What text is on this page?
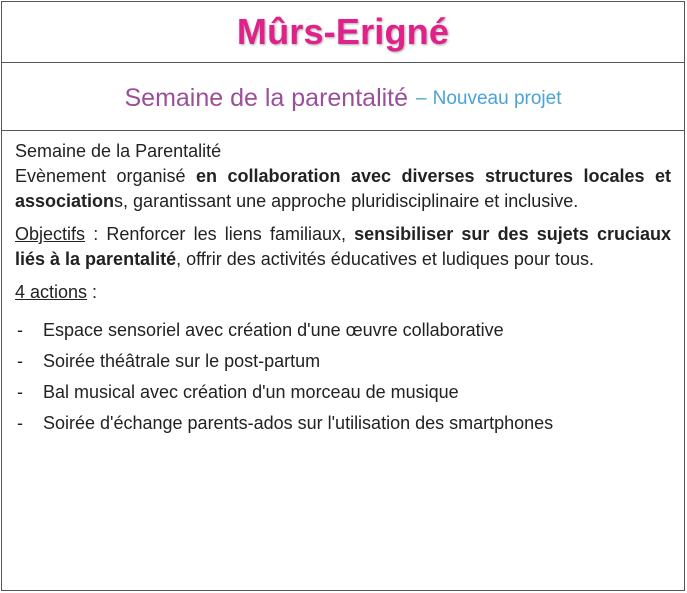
Mûrs-Erigné
Semaine de la parentalité – Nouveau projet

Semaine de la Parentalité

Evènement organisé en collaboration avec diverses structures locales et associations, garantissant une approche pluridisciplinaire et inclusive.

Objectifs : Renforcer les liens familiaux, sensibiliser sur des sujets cruciaux liés à la parentalité, offrir des activités éducatives et ludiques pour tous.

4 actions :

-	Espace sensoriel avec création d'une œuvre collaborative
-	Soirée théâtrale sur le post-partum
-	Bal musical avec création d'un morceau de musique
-	Soirée d'échange parents-ados sur l'utilisation des smartphones
